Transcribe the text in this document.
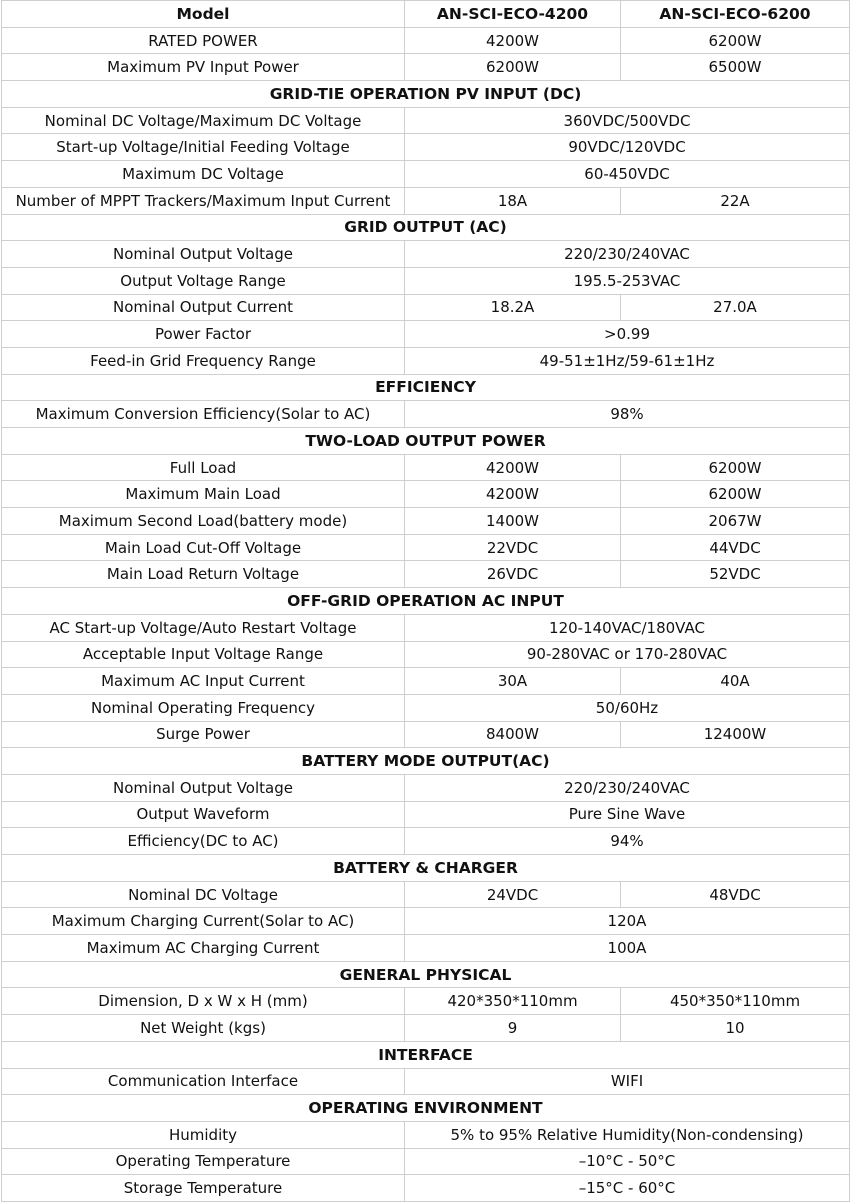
Model	AN-SCI-ECO-4200	AN-SCI-ECO-6200
RATED POWER	4200W	6200W
Maximum PV Input Power	6200W	6500W
GRID-TIE OPERATION PV INPUT (DC)		
Nominal DC Voltage/Maximum DC Voltage	360VDC/500VDC	
Start-up Voltage/Initial Feeding Voltage	90VDC/120VDC	
Maximum DC Voltage	60-450VDC	
Number of MPPT Trackers/Maximum Input Current	18A	22A
GRID OUTPUT (AC)		
Nominal Output Voltage	220/230/240VAC	
Output Voltage Range	195.5-253VAC	
Nominal Output Current	18.2A	27.0A
Power Factor	>0.99	
Feed-in Grid Frequency Range	49-51±1Hz/59-61±1Hz	
EFFICIENCY		
Maximum Conversion Efficiency(Solar to AC)	98%	
TWO-LOAD OUTPUT POWER		
Full Load	4200W	6200W
Maximum Main Load	4200W	6200W
Maximum Second Load(battery mode)	1400W	2067W
Main Load Cut-Off Voltage	22VDC	44VDC
Main Load Return Voltage	26VDC	52VDC
OFF-GRID OPERATION AC INPUT		
AC Start-up Voltage/Auto Restart Voltage	120-140VAC/180VAC	
Acceptable Input Voltage Range	90-280VAC or 170-280VAC	
Maximum AC Input Current	30A	40A
Nominal Operating Frequency	50/60Hz	
Surge Power	8400W	12400W
BATTERY MODE OUTPUT(AC)		
Nominal Output Voltage	220/230/240VAC	
Output Waveform	Pure Sine Wave	
Efficiency(DC to AC)	94%	
BATTERY & CHARGER		
Nominal DC Voltage	24VDC	48VDC
Maximum Charging Current(Solar to AC)	120A	
Maximum AC Charging Current	100A	
GENERAL PHYSICAL		
Dimension, D x W x H (mm)	420*350*110mm	450*350*110mm
Net Weight (kgs)	9	10
INTERFACE		
Communication Interface	WIFI	
OPERATING ENVIRONMENT		
Humidity	5% to 95% Relative Humidity(Non-condensing)	
Operating Temperature	–10°C - 50°C	
Storage Temperature	–15°C - 60°C	
